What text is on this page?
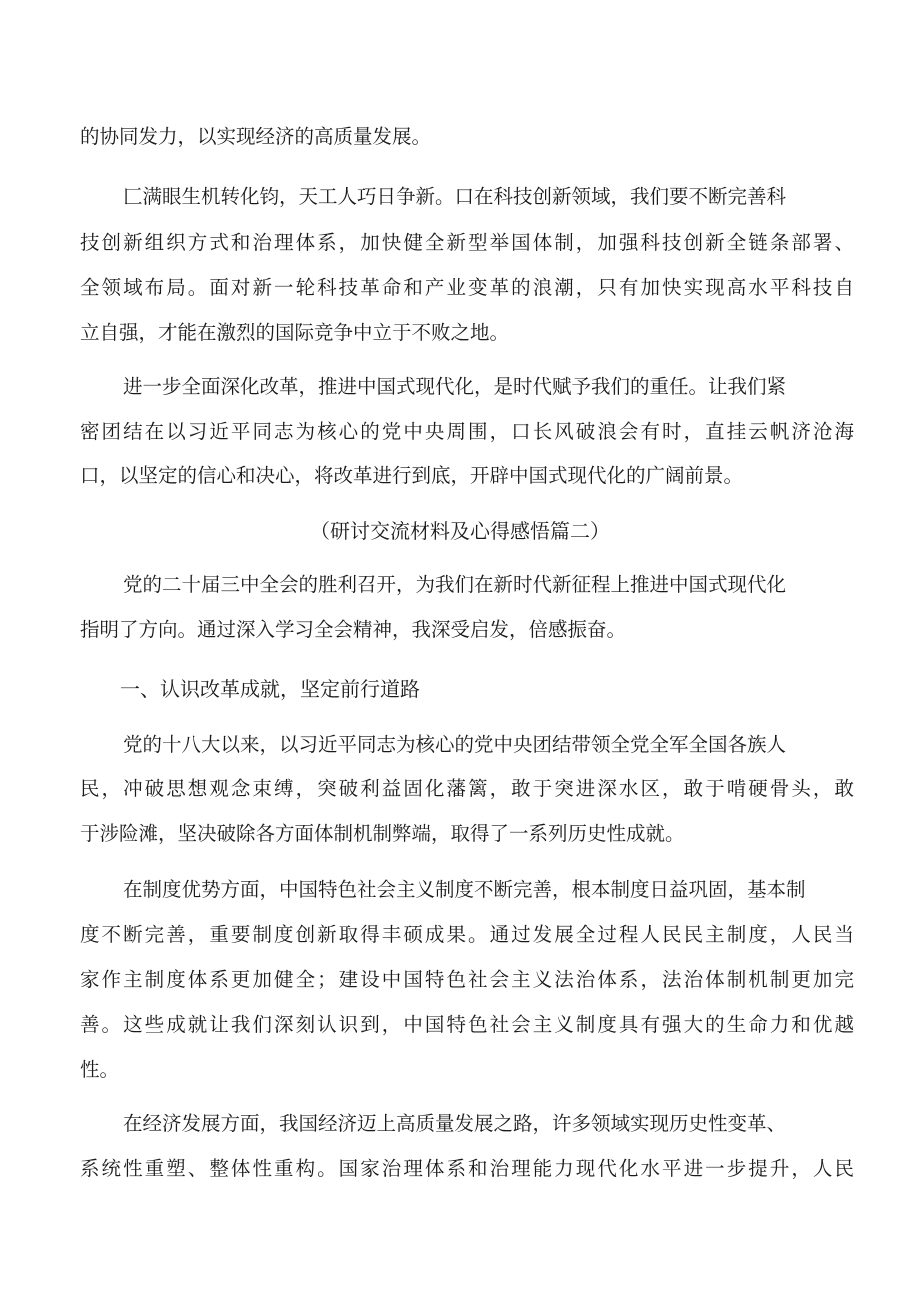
的协同发力，以实现经济的高质量发展。
匚满眼生机转化钧，天工人巧日争新。口在科技创新领域，我们要不断完善科
技创新组织方式和治理体系，加快健全新型举国体制，加强科技创新全链条部署、
全领域布局。面对新一轮科技革命和产业变革的浪潮，只有加快实现高水平科技自
立自强，才能在激烈的国际竞争中立于不败之地。
进一步全面深化改革，推进中国式现代化，是时代赋予我们的重任。让我们紧
密团结在以习近平同志为核心的党中央周围，口长风破浪会有时，直挂云帆济沧海
口，以坚定的信心和决心，将改革进行到底，开辟中国式现代化的广阔前景。
（研讨交流材料及心得感悟篇二）
党的二十届三中全会的胜利召开，为我们在新时代新征程上推进中国式现代化
指明了方向。通过深入学习全会精神，我深受启发，倍感振奋。
一、认识改革成就，坚定前行道路
党的十八大以来，以习近平同志为核心的党中央团结带领全党全军全国各族人
民，冲破思想观念束缚，突破利益固化藩篱，敢于突进深水区，敢于啃硬骨头，敢
于涉险滩，坚决破除各方面体制机制弊端，取得了一系列历史性成就。
在制度优势方面，中国特色社会主义制度不断完善，根本制度日益巩固，基本制
度不断完善，重要制度创新取得丰硕成果。通过发展全过程人民民主制度，人民当
家作主制度体系更加健全；建设中国特色社会主义法治体系，法治体制机制更加完
善。这些成就让我们深刻认识到，中国特色社会主义制度具有强大的生命力和优越
性。
在经济发展方面，我国经济迈上高质量发展之路，许多领域实现历史性变革、
系统性重塑、整体性重构。国家治理体系和治理能力现代化水平进一步提升，人民
